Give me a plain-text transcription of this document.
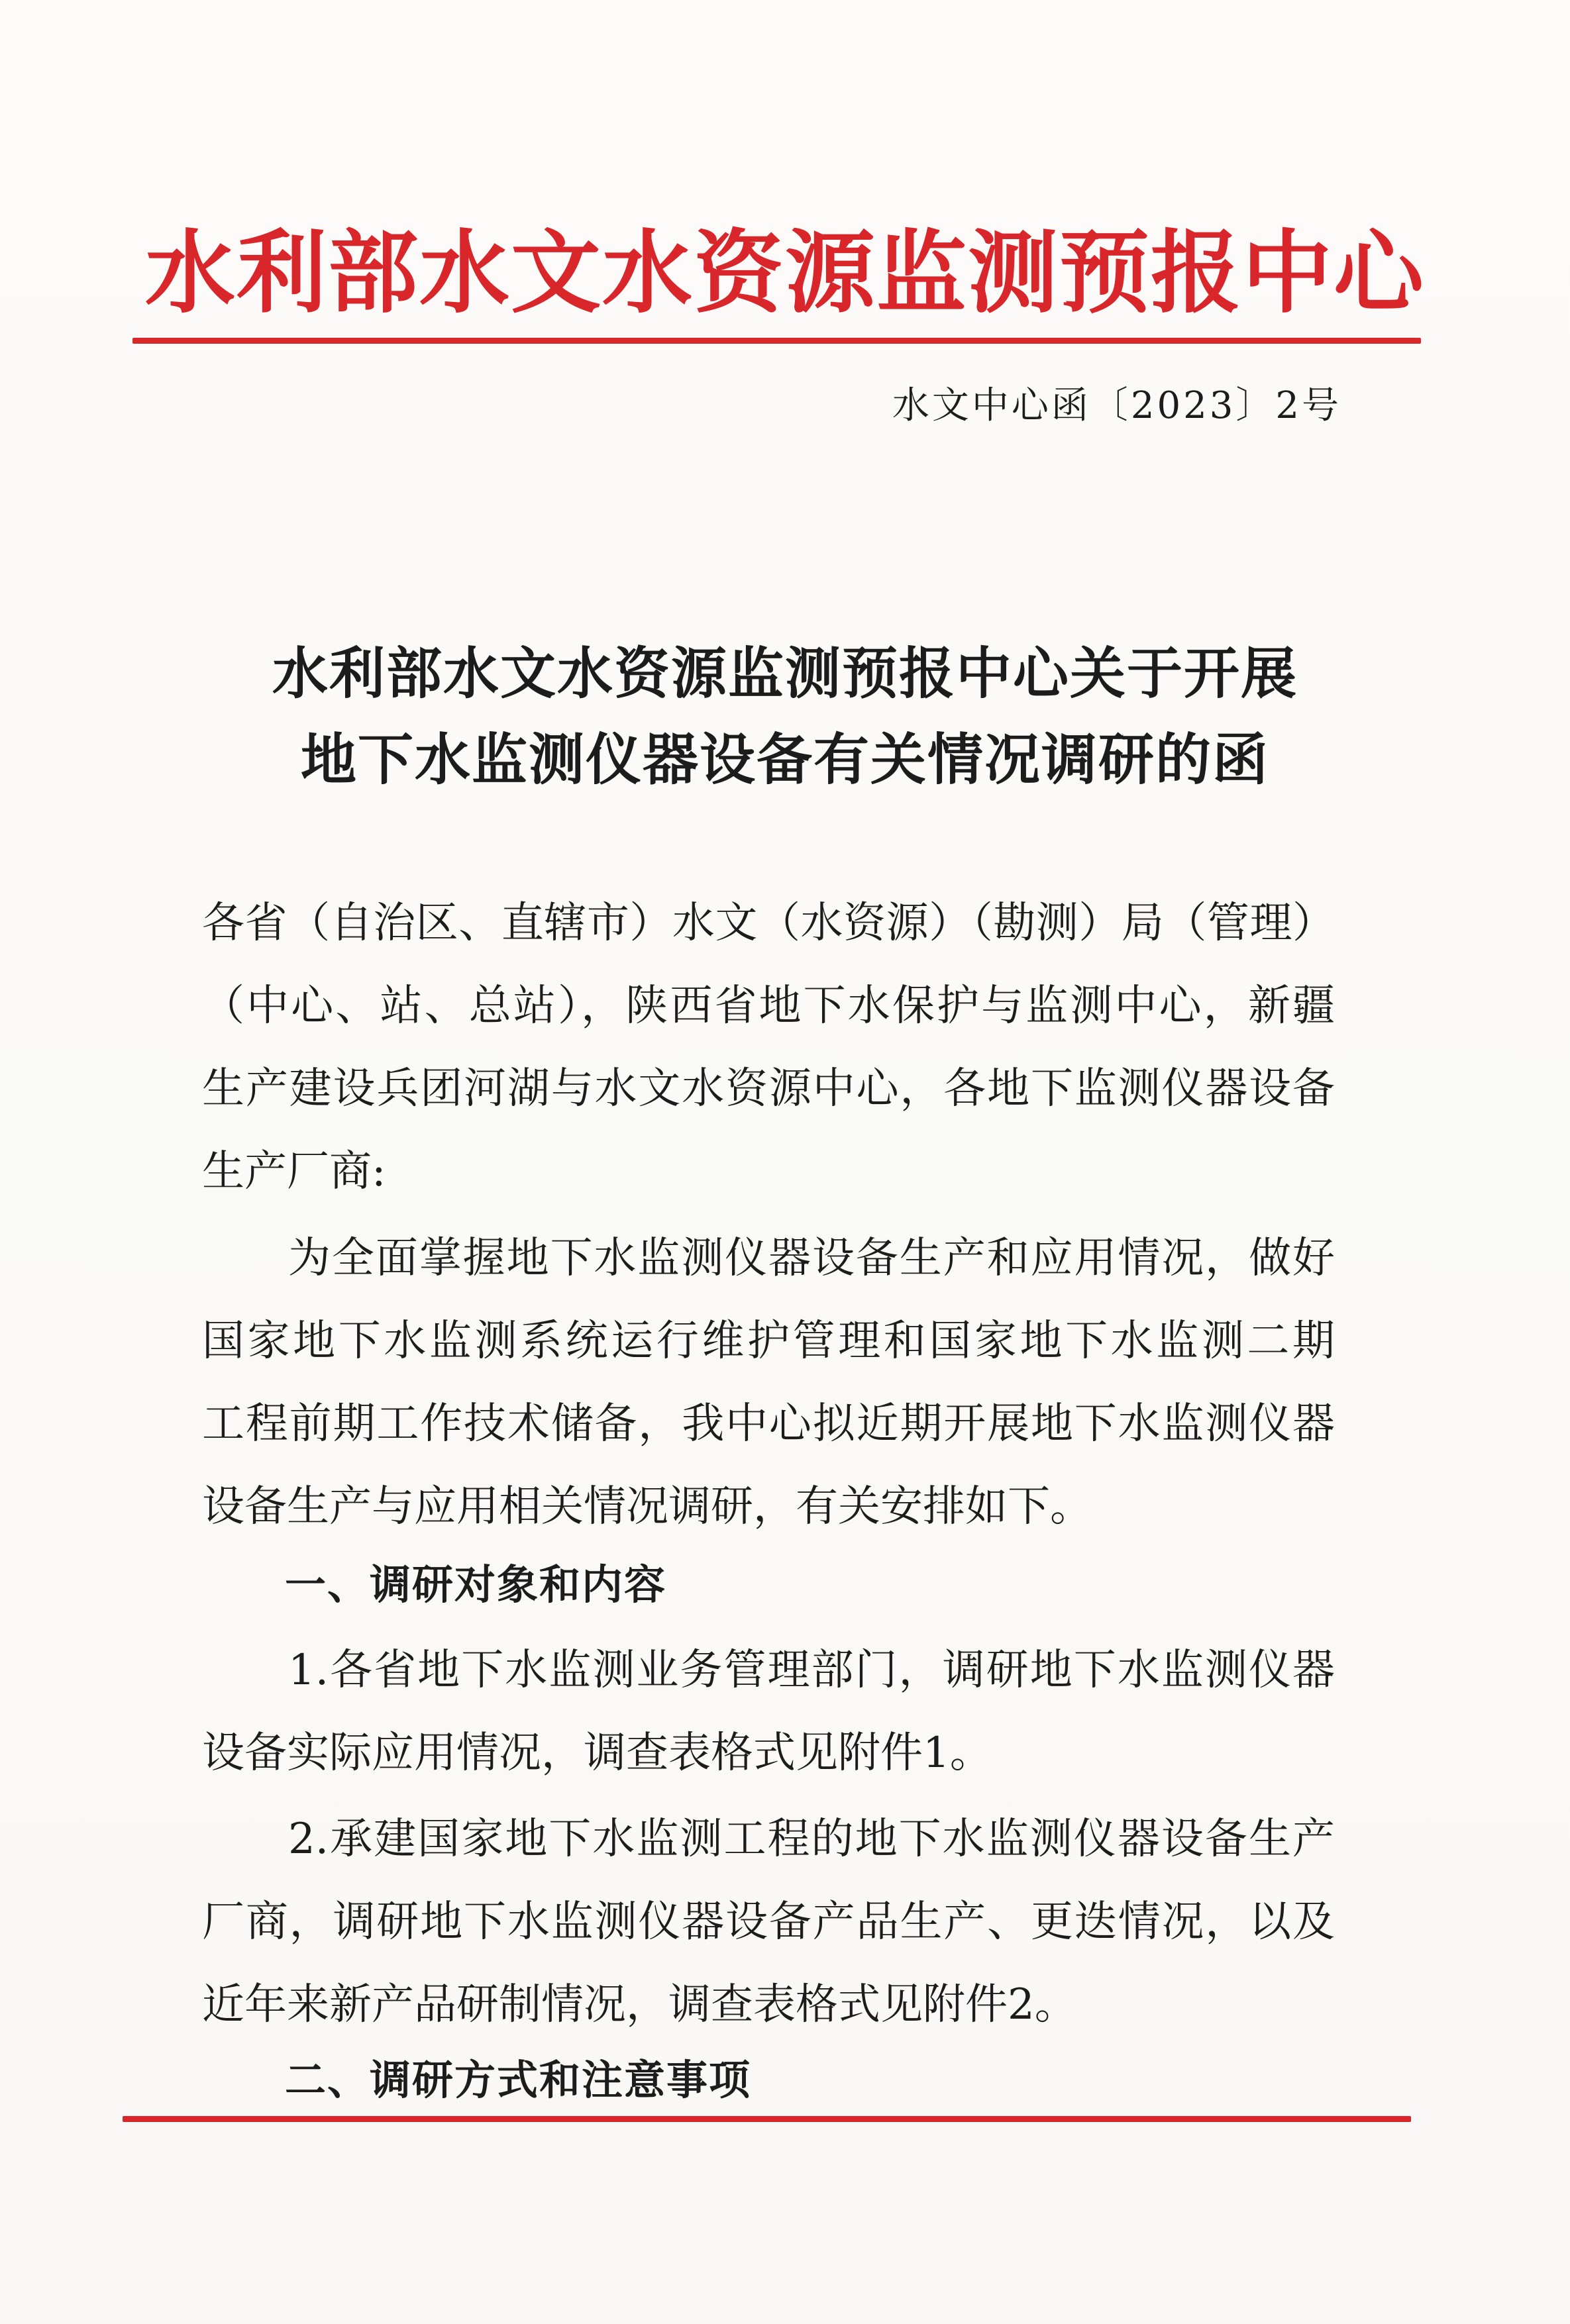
水利部水文水资源监测预报中心
水文中心函〔2023〕2号
水利部水文水资源监测预报中心关于开展
地下水监测仪器设备有关情况调研的函
各省（自治区、直辖市）水文（水资源）（勘测）局（管理）
（中心、站、总站），陕西省地下水保护与监测中心，新疆
生产建设兵团河湖与水文水资源中心，各地下监测仪器设备
生产厂商:
为全面掌握地下水监测仪器设备生产和应用情况，做好
国家地下水监测系统运行维护管理和国家地下水监测二期
工程前期工作技术储备，我中心拟近期开展地下水监测仪器
设备生产与应用相关情况调研，有关安排如下。
一、调研对象和内容
1.各省地下水监测业务管理部门，调研地下水监测仪器
设备实际应用情况，调查表格式见附件1。
2.承建国家地下水监测工程的地下水监测仪器设备生产
厂商，调研地下水监测仪器设备产品生产、更迭情况，以及
近年来新产品研制情况，调查表格式见附件2。
二、调研方式和注意事项
